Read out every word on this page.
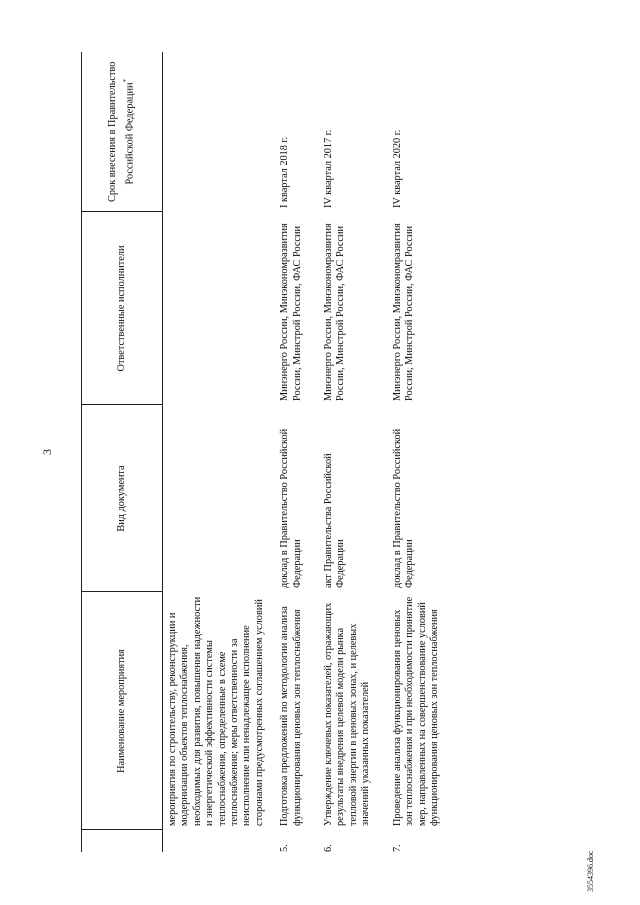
3
	Наименование мероприятия	Вид документа	Ответственные исполнители	Срок внесения в Правительство Российской Федерации*
	мероприятия по строительству, реконструкции и модернизации объектов теплоснабжения, необходимых для развития, повышения надежности и энергетической эффективности системы теплоснабжения, определенные в схеме теплоснабжения; меры ответственности за неисполнение или ненадлежащее исполнение сторонами предусмотренных соглашением условий			
5.	Подготовка предложений по методологии анализа функционирования ценовых зон теплоснабжения	доклад в Правительство Российской Федерации	Минэнерго России, Минэкономразвития России, Минстрой России, ФАС России	I квартал 2018 г.
6.	Утверждение ключевых показателей, отражающих результаты внедрения целевой модели рынка тепловой энергии в ценовых зонах, и целевых значений указанных показателей	акт Правительства Российской Федерации	Минэнерго России, Минэкономразвития России, Минстрой России, ФАС России	IV квартал 2017 г.
7.	Проведение анализа функционирования ценовых зон теплоснабжения и при необходимости принятие мер, направленных на совершенствование условий функционирования ценовых зон теплоснабжения	доклад в Правительство Российской Федерации	Минэнерго России, Минэкономразвития России, Минстрой России, ФАС России	IV квартал 2020 г.
3554396.doc
